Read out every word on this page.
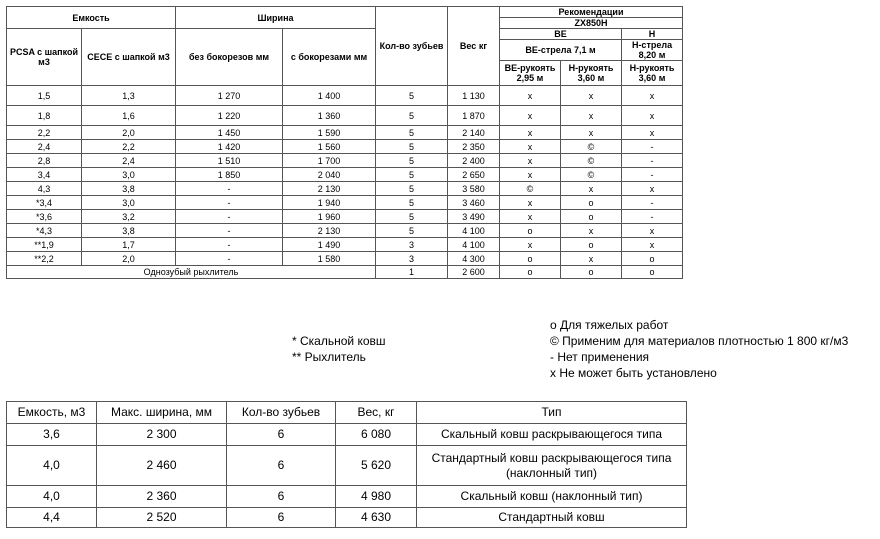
Емкость		Ширина		Кол-во зубьев	Вес кг	Рекомендации		
						ZX850H		
PCSA с шапкой м3	CECE с шапкой м3	без бокорезов мм	с бокорезами мм			BE		H
						BE-стрела 7,1 м		H-стрела 8,20 м
						BE-рукоять 2,95 м	H-рукоять 3,60 м	H-рукоять 3,60 м

1,5	1,3	1 270	1 400	5	1 130	x	x	x
1,8	1,6	1 220	1 360	5	1 870	x	x	x
2,2	2,0	1 450	1 590	5	2 140	x	x	x
2,4	2,2	1 420	1 560	5	2 350	x	©	-
2,8	2,4	1 510	1 700	5	2 400	x	©	-
3,4	3,0	1 850	2 040	5	2 650	x	©	-
4,3	3,8	-	2 130	5	3 580	©	x	x
*3,4	3,0	-	1 940	5	3 460	x	o	-
*3,6	3,2	-	1 960	5	3 490	x	o	-
*4,3	3,8	-	2 130	5	4 100	o	x	x
**1,9	1,7	-	1 490	3	4 100	x	o	x
**2,2	2,0	-	1 580	3	4 300	o	x	o
Однозубый рыхлитель				1	2 600	o	o	o
* Скальной ковш
** Рыхлитель
o Для тяжелых работ
© Применим для материалов плотностью 1 800 кг/м3
- Нет применения
x Не может быть установлено
Емкость, м3	Макс. ширина, мм	Кол-во зубьев	Вес, кг	Тип
3,6	2 300	6	6 080	Скальный ковш раскрывающегося типа
4,0	2 460	6	5 620	Стандартный ковш раскрывающегося типа (наклонный тип)
4,0	2 360	6	4 980	Скальный ковш (наклонный тип)
4,4	2 520	6	4 630	Стандартный ковш
